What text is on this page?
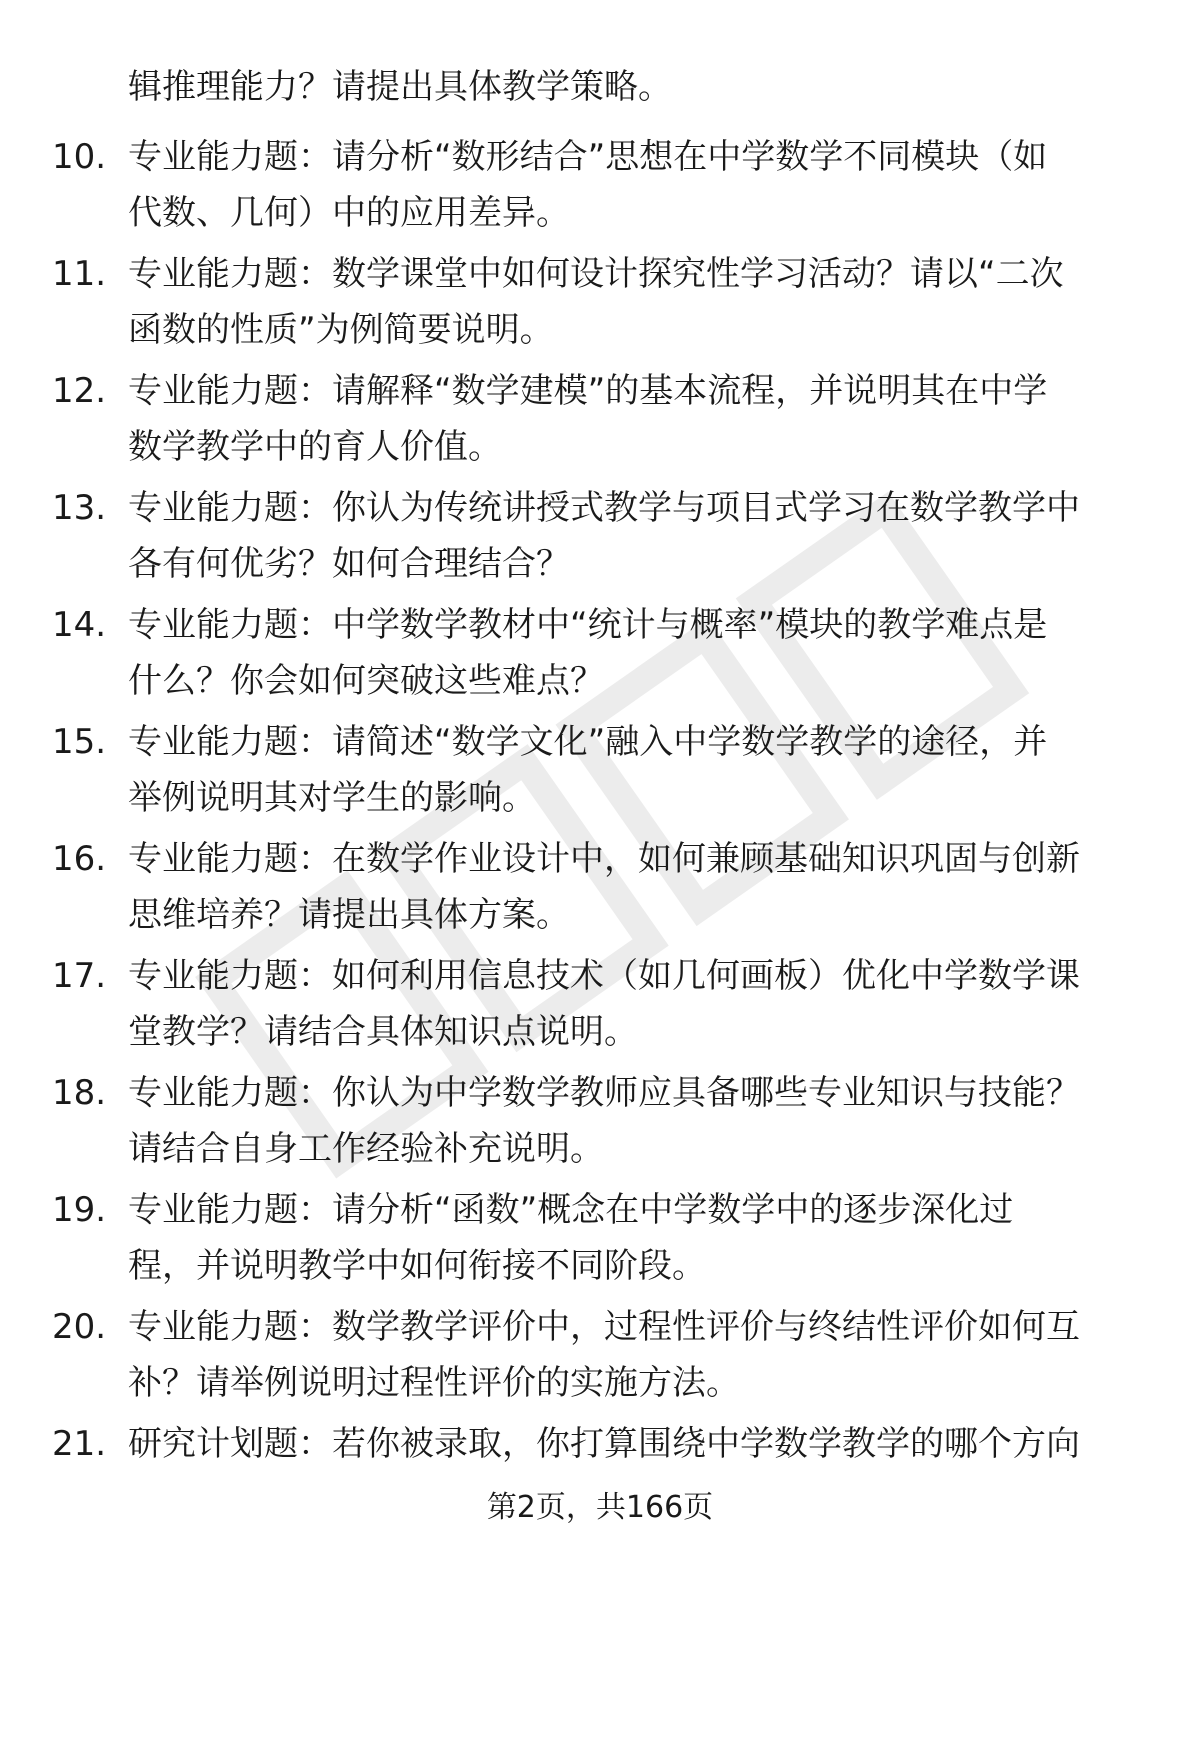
辑推理能力？请提出具体教学策略。
10. 专业能力题：请分析“数形结合”思想在中学数学不同模块（如
代数、几何）中的应用差异。
11. 专业能力题：数学课堂中如何设计探究性学习活动？请以“二次
函数的性质”为例简要说明。
12. 专业能力题：请解释“数学建模”的基本流程，并说明其在中学
数学教学中的育人价值。
13. 专业能力题：你认为传统讲授式教学与项目式学习在数学教学中
各有何优劣？如何合理结合？
14. 专业能力题：中学数学教材中“统计与概率”模块的教学难点是
什么？你会如何突破这些难点？
15. 专业能力题：请简述“数学文化”融入中学数学教学的途径，并
举例说明其对学生的影响。
16. 专业能力题：在数学作业设计中，如何兼顾基础知识巩固与创新
思维培养？请提出具体方案。
17. 专业能力题：如何利用信息技术（如几何画板）优化中学数学课
堂教学？请结合具体知识点说明。
18. 专业能力题：你认为中学数学教师应具备哪些专业知识与技能？
请结合自身工作经验补充说明。
19. 专业能力题：请分析“函数”概念在中学数学中的逐步深化过
程，并说明教学中如何衔接不同阶段。
20. 专业能力题：数学教学评价中，过程性评价与终结性评价如何互
补？请举例说明过程性评价的实施方法。
21. 研究计划题：若你被录取，你打算围绕中学数学教学的哪个方向
第2页，共166页
